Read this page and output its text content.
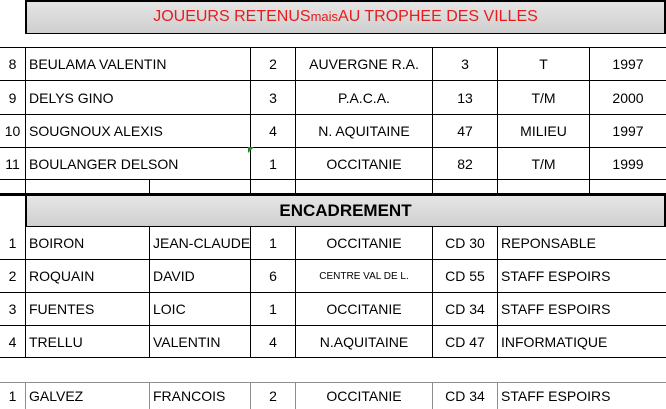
JOUEURS RETENUS mais AU TROPHEE DES VILLES
ENCADREMENT
8 BEULAMA VALENTIN	2	AUVERGNE R.A.	3	T	1997
9 DELYS GINO	3	P.A.C.A.	13	T/M	2000
10 SOUGNOUX ALEXIS	4	N. AQUITAINE	47	MILIEU	1997
11 BOULANGER DELSON	1	OCCITANIE	82	T/M	1999
1 BOIRON	JEAN-CLAUDE	1	OCCITANIE	CD 30	REPONSABLE
2 ROQUAIN	DAVID	6	CENTRE VAL DE L.	CD 55	STAFF ESPOIRS
3 FUENTES	LOIC	1	OCCITANIE	CD 34	STAFF ESPOIRS
4 TRELLU	VALENTIN	4	N.AQUITAINE	CD 47	INFORMATIQUE
1 GALVEZ	FRANCOIS	2	OCCITANIE	CD 34	STAFF ESPOIRS
